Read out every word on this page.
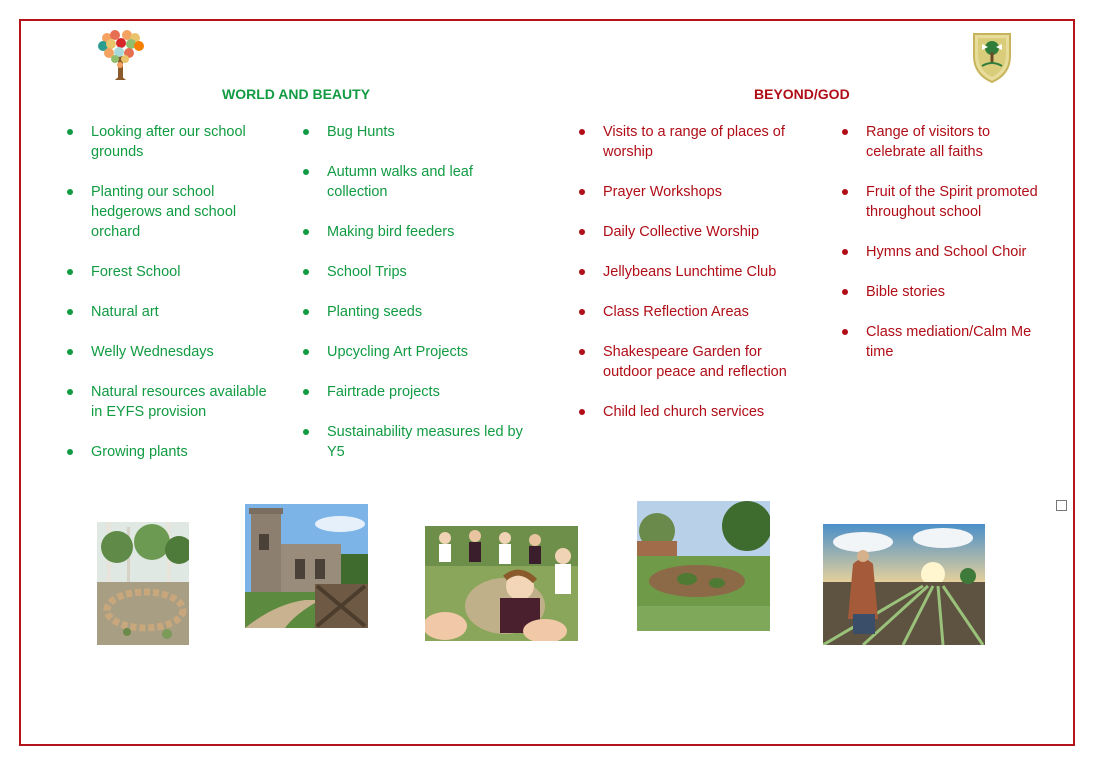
WORLD AND BEAUTY	BEYOND/GOD
Looking after our school grounds
Planting our school hedgerows and school orchard
Forest School
Natural art
Welly Wednesdays
Natural resources available in EYFS provision
Growing plants
Bug Hunts
Autumn walks and leaf collection
Making bird feeders
School Trips
Planting seeds
Upcycling Art Projects
Fairtrade projects
Sustainability measures led by Y5
Visits to a range of places of worship
Prayer Workshops
Daily Collective Worship
Jellybeans Lunchtime Club
Class Reflection Areas
Shakespeare Garden for outdoor peace and reflection
Child led church services
Range of visitors to celebrate all faiths
Fruit of the Spirit promoted throughout school
Hymns and School Choir
Bible stories
Class mediation/Calm Me time
